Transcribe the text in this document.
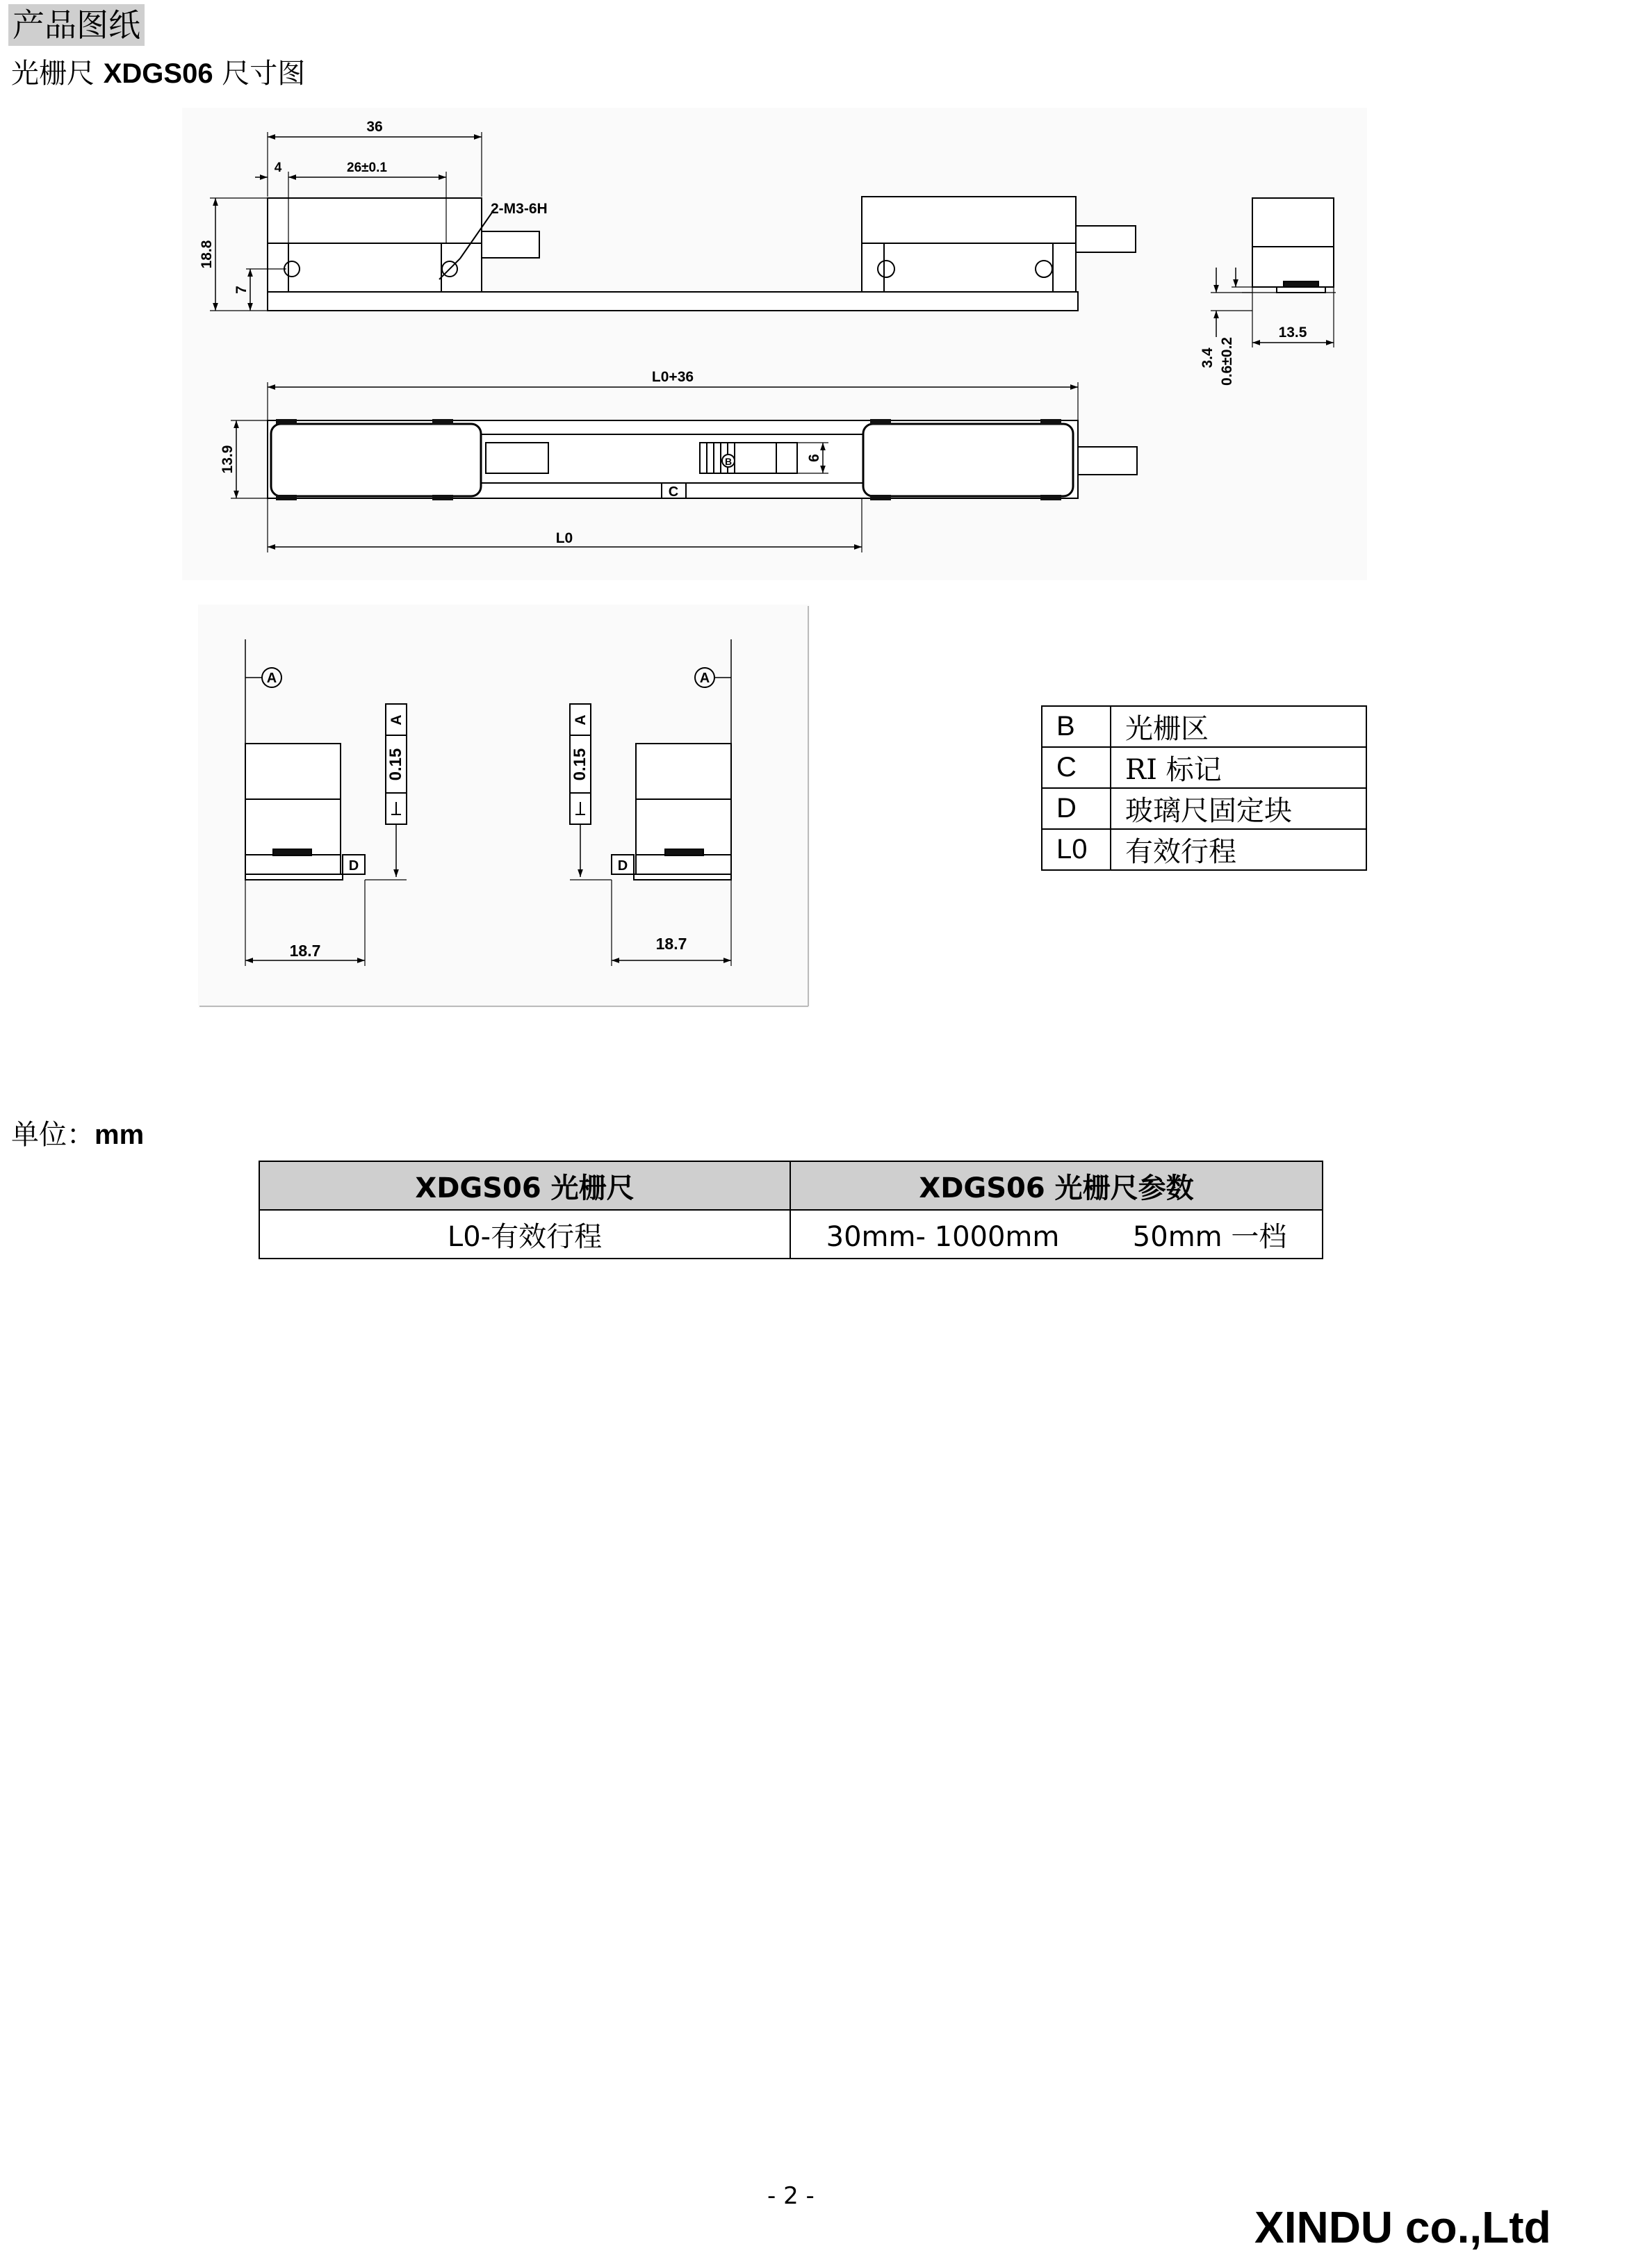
产品图纸
光栅尺 XDGS06 尺寸图
36
4	26±0.1
2-M3-6H
18.8
7
13.5
3.4 0.6±0.2
L0+36
13.9	6
C
B
L0
A
A
0.15
D
18.7
A
A
0.15
D
18.7
B	光栅区
C	RI 标记
D	玻璃尺固定块
L0	有效行程
单位：mm
XDGS06 光栅尺	XDGS06 光栅尺参数
L0-有效行程	30mm- 1000mm 50mm 一档
- 2 -
XINDU co.,Ltd
